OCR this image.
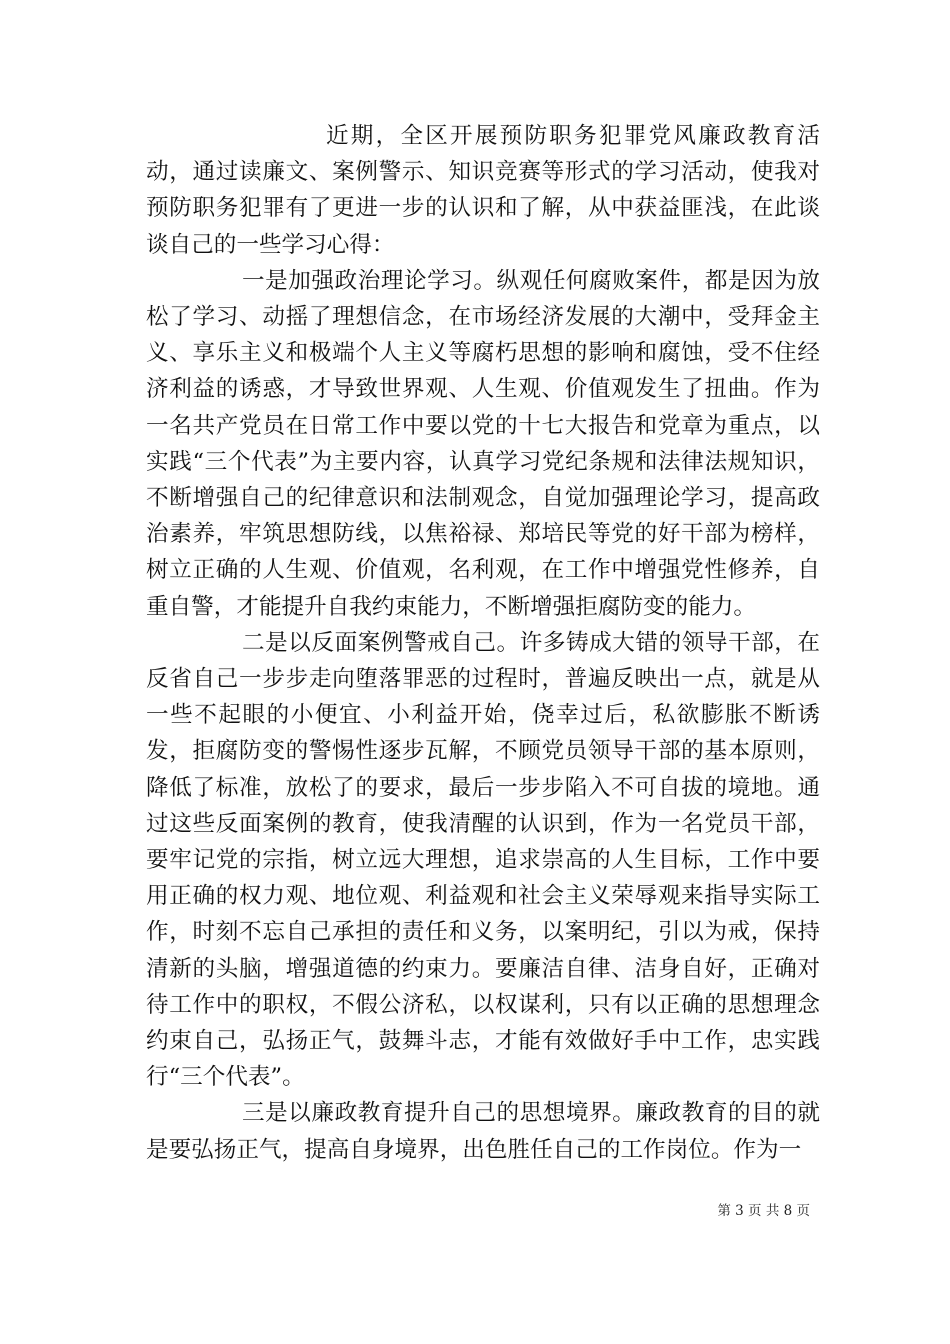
近期，全区开展预防职务犯罪党风廉政教育活动，通过读廉文、案例警示、知识竞赛等形式的学习活动，使我对预防职务犯罪有了更进一步的认识和了解，从中获益匪浅，在此谈谈自己的一些学习心得：

一是加强政治理论学习。纵观任何腐败案件，都是因为放松了学习、动摇了理想信念，在市场经济发展的大潮中，受拜金主义、享乐主义和极端个人主义等腐朽思想的影响和腐蚀，受不住经济利益的诱惑，才导致世界观、人生观、价值观发生了扭曲。作为一名共产党员在日常工作中要以党的十七大报告和党章为重点，以实践“三个代表”为主要内容，认真学习党纪条规和法律法规知识，不断增强自己的纪律意识和法制观念，自觉加强理论学习，提高政治素养，牢筑思想防线，以焦裕禄、郑培民等党的好干部为榜样，树立正确的人生观、价值观，名利观，在工作中增强党性修养，自重自警，才能提升自我约束能力，不断增强拒腐防变的能力。

二是以反面案例警戒自己。许多铸成大错的领导干部，在反省自己一步步走向堕落罪恶的过程时，普遍反映出一点，就是从一些不起眼的小便宜、小利益开始，侥幸过后，私欲膨胀不断诱发，拒腐防变的警惕性逐步瓦解，不顾党员领导干部的基本原则，降低了标准，放松了的要求，最后一步步陷入不可自拔的境地。通过这些反面案例的教育，使我清醒的认识到，作为一名党员干部，要牢记党的宗指，树立远大理想，追求崇高的人生目标，工作中要用正确的权力观、地位观、利益观和社会主义荣辱观来指导实际工作，时刻不忘自己承担的责任和义务，以案明纪，引以为戒，保持清新的头脑，增强道德的约束力。要廉洁自律、洁身自好，正确对待工作中的职权，不假公济私，以权谋利，只有以正确的思想理念约束自己，弘扬正气，鼓舞斗志，才能有效做好手中工作，忠实践行“三个代表”。

三是以廉政教育提升自己的思想境界。廉政教育的目的就是要弘扬正气，提高自身境界，出色胜任自己的工作岗位。作为一

第 3 页 共 8 页
